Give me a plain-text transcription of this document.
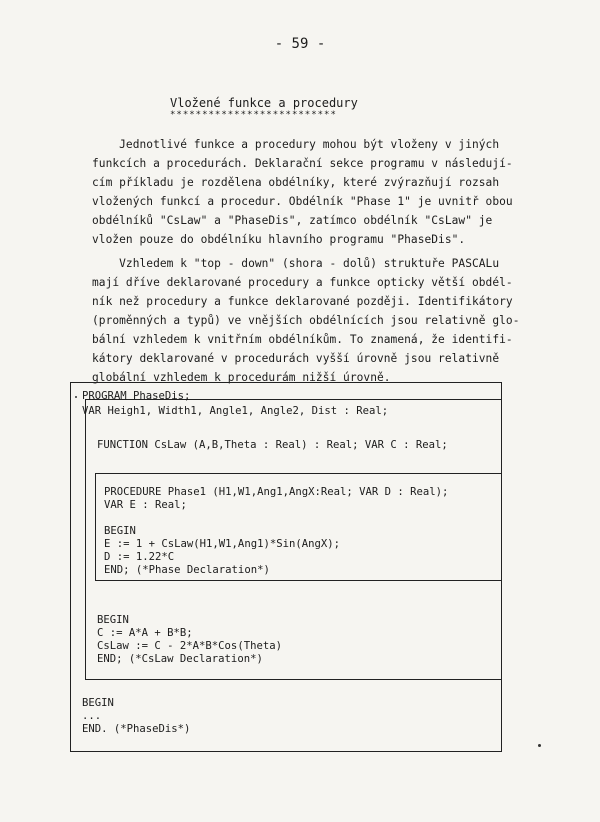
- 59 -
Vložené funkce a procedury
**************************
Jednotlivé funkce a procedury mohou být vloženy v jiných
funkcích a procedurách. Deklarační sekce programu v následují-
cím příkladu je rozdělena obdélníky, které zvýrazňují rozsah
vložených funkcí a procedur. Obdélník "Phase 1" je uvnitř obou
obdélníků "CsLaw" a "PhaseDis", zatímco obdélník "CsLaw" je
vložen pouze do obdélníku hlavního programu "PhaseDis".
Vzhledem k "top - down" (shora - dolů) struktuře PASCALu
mají dříve deklarované procedury a funkce opticky větší obdél-
ník než procedury a funkce deklarované později. Identifikátory
(proměnných a typů) ve vnějších obdélnících jsou relativně glo-
bální vzhledem k vnitřním obdélníkům. To znamená, že identifi-
kátory deklarované v procedurách vyšší úrovně jsou relativně
globální vzhledem k procedurám nižší úrovně.
PROGRAM PhaseDis;
VAR Heigh1, Width1, Angle1, Angle2, Dist : Real;
FUNCTION CsLaw (A,B,Theta : Real) : Real; VAR C : Real;
PROCEDURE Phase1 (H1,W1,Ang1,AngX:Real; VAR D : Real);
VAR E : Real;
BEGIN
E := 1 + CsLaw(H1,W1,Ang1)*Sin(AngX);
D := 1.22*C
END; (*Phase Declaration*)
BEGIN
C := A*A + B*B;
CsLaw := C - 2*A*B*Cos(Theta)
END; (*CsLaw Declaration*)
BEGIN
...
END. (*PhaseDis*)
